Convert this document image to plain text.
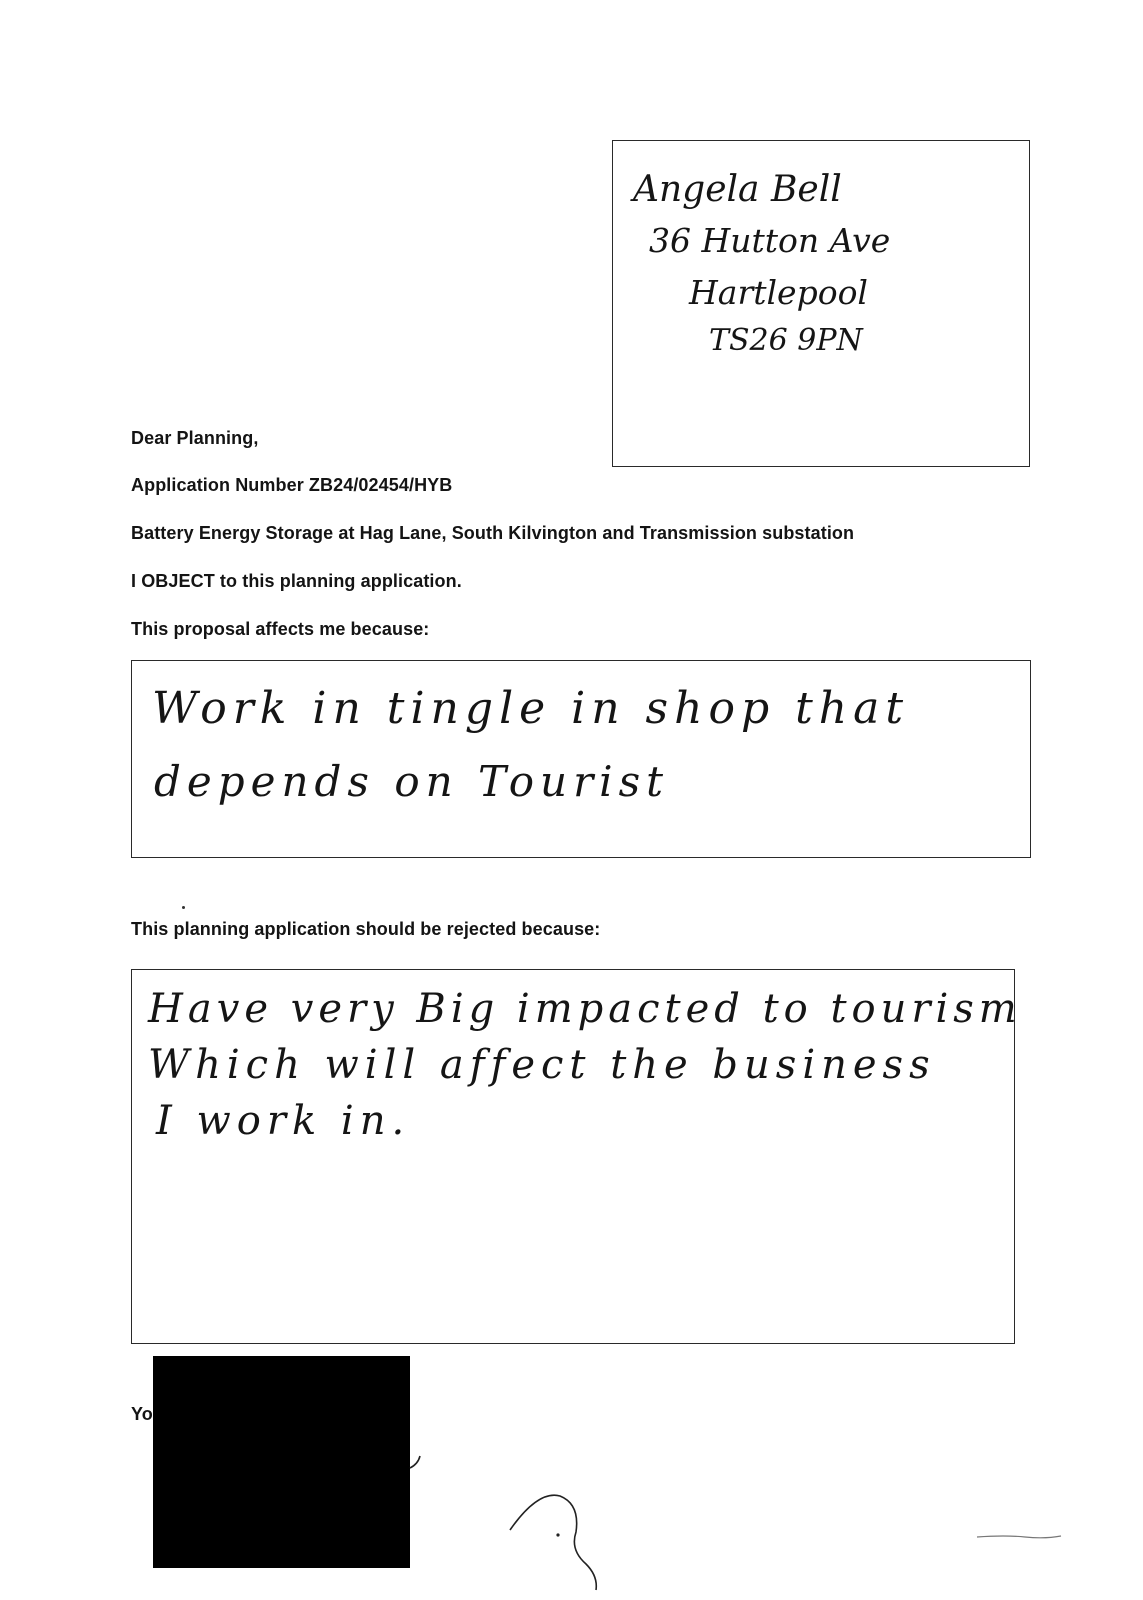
Angela Bell
36 Hutton Ave
Hartlepool
TS26 9PN
Dear Planning,
Application Number ZB24/02454/HYB
Battery Energy Storage at Hag Lane, South Kilvington and Transmission substation
I OBJECT to this planning application.
This proposal affects me because:
Work in tingle in shop that
depends on Tourist
This planning application should be rejected because:
Have very Big impacted to tourism
Which will affect the business
I work in.
Yo
